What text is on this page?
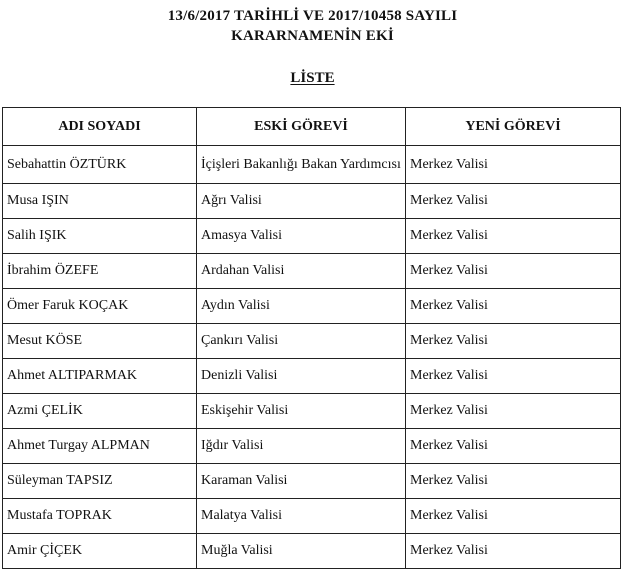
13/6/2017 TARİHLİ VE 2017/10458 SAYILI
KARARNAMENİN EKİ
LİSTE
ADI SOYADI	ESKİ GÖREVİ	YENİ GÖREVİ
Sebahattin ÖZTÜRK	İçişleri Bakanlığı Bakan Yardımcısı	Merkez Valisi
Musa IŞIN	Ağrı Valisi	Merkez Valisi
Salih IŞIK	Amasya Valisi	Merkez Valisi
İbrahim ÖZEFE	Ardahan Valisi	Merkez Valisi
Ömer Faruk KOÇAK	Aydın Valisi	Merkez Valisi
Mesut KÖSE	Çankırı Valisi	Merkez Valisi
Ahmet ALTIPARMAK	Denizli Valisi	Merkez Valisi
Azmi ÇELİK	Eskişehir Valisi	Merkez Valisi
Ahmet Turgay ALPMAN	Iğdır Valisi	Merkez Valisi
Süleyman TAPSIZ	Karaman Valisi	Merkez Valisi
Mustafa TOPRAK	Malatya Valisi	Merkez Valisi
Amir ÇİÇEK	Muğla Valisi	Merkez Valisi
